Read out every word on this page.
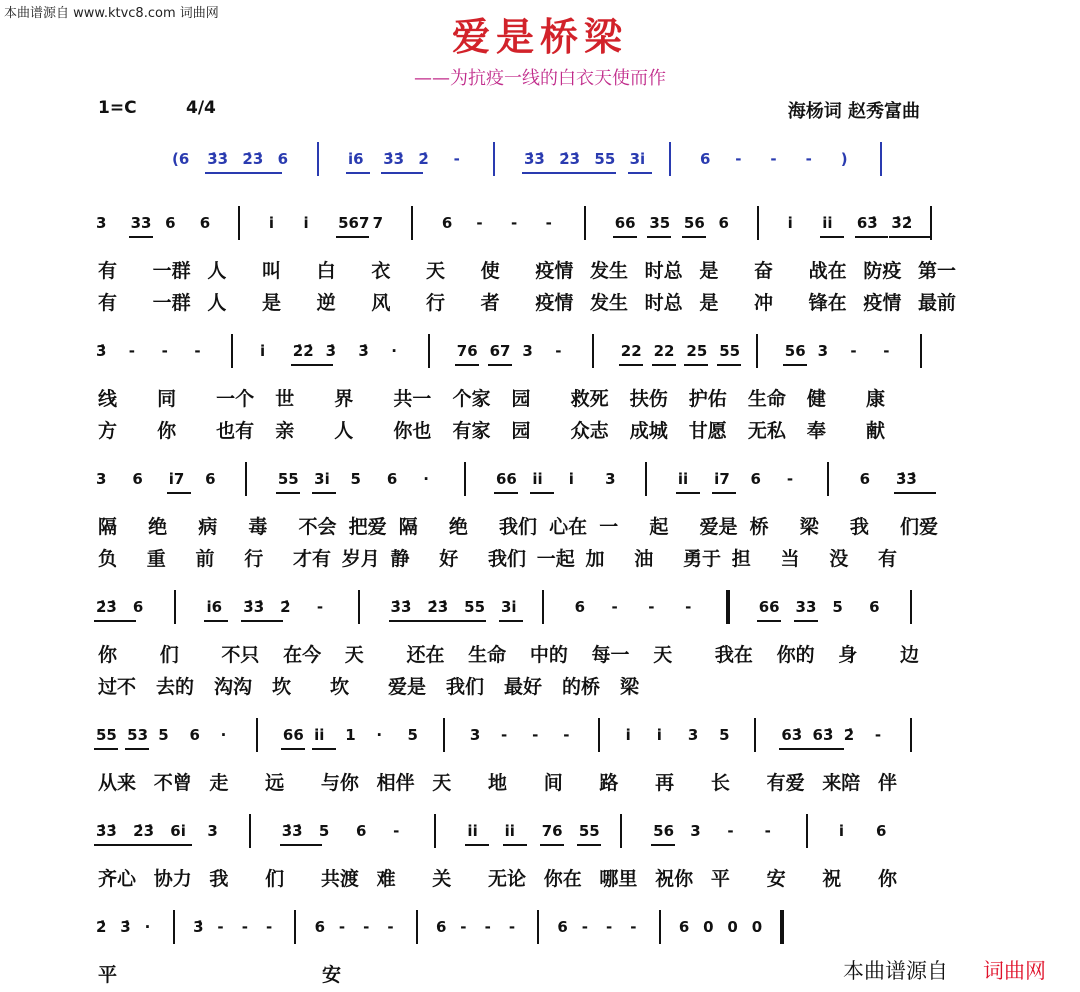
本曲谱源自 www.ktvc8.com 词曲网
爱是桥梁
——为抗疫一线的白衣天使而作
1=C	4/4	海杨词 赵秀富曲
(6 3̇3̇ 2̇3̇ 6	i6 3̇3̇ 2̇ -	3̇3̇ 2̇3̇ 55 3i	6 - - - )
3 33 6 6	i i 567 7	6 - - -	66 35 56 6	i ii 63̇ 3̇2̇
3̇ - - -	i 2̇2̇ 3̇ 3̇ ·	76 67 3 -	22 22 25 55	56 3 - -
3 6 i7 6	55 3i 5 6 ·	66 ii i 3	ii i7 6 -	6 3̇3̇
2̇3̇ 6	i6 3̇3̇ 2̇ -	3̇3̇ 2̇3̇ 55 3i	6 - - -	66 33 5 6
55 53 5 6 ·	66 ii 1 · 5	3 - - -	i i 3 5	63̇ 63̇ 2̇ -
3̇3̇ 2̇3̇ 6i 3	3̇3̇ 5 6 -	ii ii 76 55	56 3 - -	i 6
2̇ 3̇ ·	3̇ - - -	6 - - -	6 - - -	6 - - -	6 0 0 0
有 一群 人 叫 白 衣 天 使 疫情 发生 时总 是 奋 战在 防疫 第一
有 一群 人 是 逆 风 行 者 疫情 发生 时总 是 冲 锋在 疫情 最前
线 同 一个 世 界 共一 个家 园 救死 扶伤 护佑 生命 健 康
方 你 也有 亲 人 你也 有家 园 众志 成城 甘愿 无私 奉 献
隔 绝 病 毒 不会 把爱 隔 绝 我们 心在 一 起 爱是 桥 梁 我 们爱
负 重 前 行 才有 岁月 静 好 我们 一起 加 油 勇于 担 当 没 有
你 们 不只 在今 天 还在 生命 中的 每一 天 我在 你的 身 边
过不 去的 沟沟 坎 坎 爱是 我们 最好 的桥 梁
从来 不曾 走 远 与你 相伴 天 地 间 路 再 长 有爱 来陪 伴
齐心 协力 我 们 共渡 难 关 无论 你在 哪里 祝你 平 安 祝 你
平	安	本曲谱源自 词曲网
